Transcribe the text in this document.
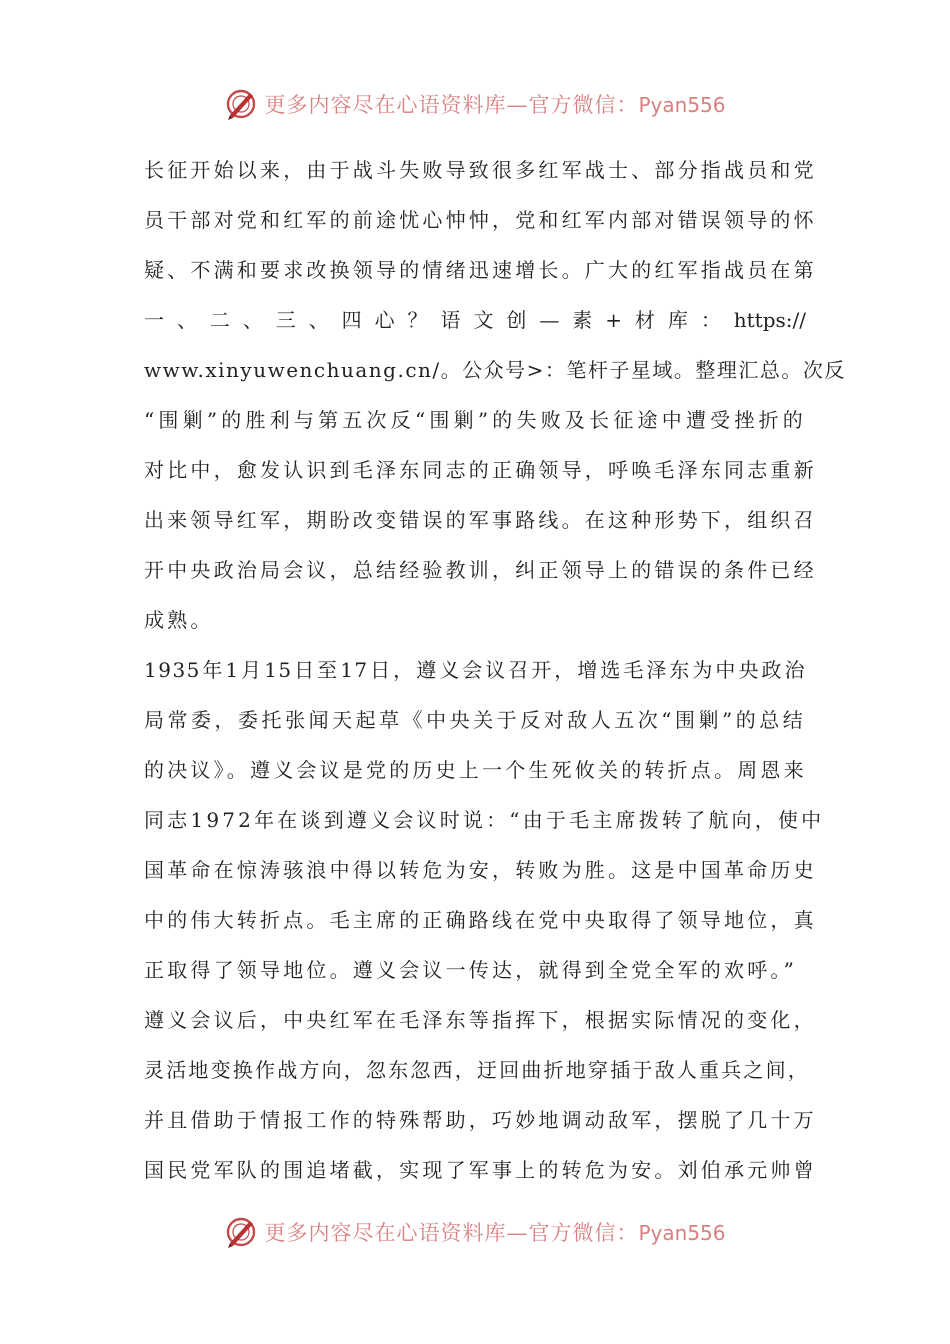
更多内容尽在心语资料库—官方微信：Pyan556
长征开始以来，由于战斗失败导致很多红军战士、部分指战员和党
员干部对党和红军的前途忧心忡忡，党和红军内部对错误领导的怀
疑、不满和要求改换领导的情绪迅速增长。广大的红军指战员在第
一、二、三、四心？语文创—素+材库：https://
www.xinyuwenchuang.cn/。公众号>：笔杆子星域。整理汇总。次反
“围剿”的胜利与第五次反“围剿”的失败及长征途中遭受挫折的
对比中，愈发认识到毛泽东同志的正确领导，呼唤毛泽东同志重新
出来领导红军，期盼改变错误的军事路线。在这种形势下，组织召
开中央政治局会议，总结经验教训，纠正领导上的错误的条件已经
成熟。
1935年1月15日至17日，遵义会议召开，增选毛泽东为中央政治
局常委，委托张闻天起草《中央关于反对敌人五次“围剿”的总结
的决议》。遵义会议是党的历史上一个生死攸关的转折点。周恩来
同志1972年在谈到遵义会议时说：“由于毛主席拨转了航向，使中
国革命在惊涛骇浪中得以转危为安，转败为胜。这是中国革命历史
中的伟大转折点。毛主席的正确路线在党中央取得了领导地位，真
正取得了领导地位。遵义会议一传达，就得到全党全军的欢呼。”
遵义会议后，中央红军在毛泽东等指挥下，根据实际情况的变化，
灵活地变换作战方向，忽东忽西，迂回曲折地穿插于敌人重兵之间，
并且借助于情报工作的特殊帮助，巧妙地调动敌军，摆脱了几十万
国民党军队的围追堵截，实现了军事上的转危为安。刘伯承元帅曾
更多内容尽在心语资料库—官方微信：Pyan556
